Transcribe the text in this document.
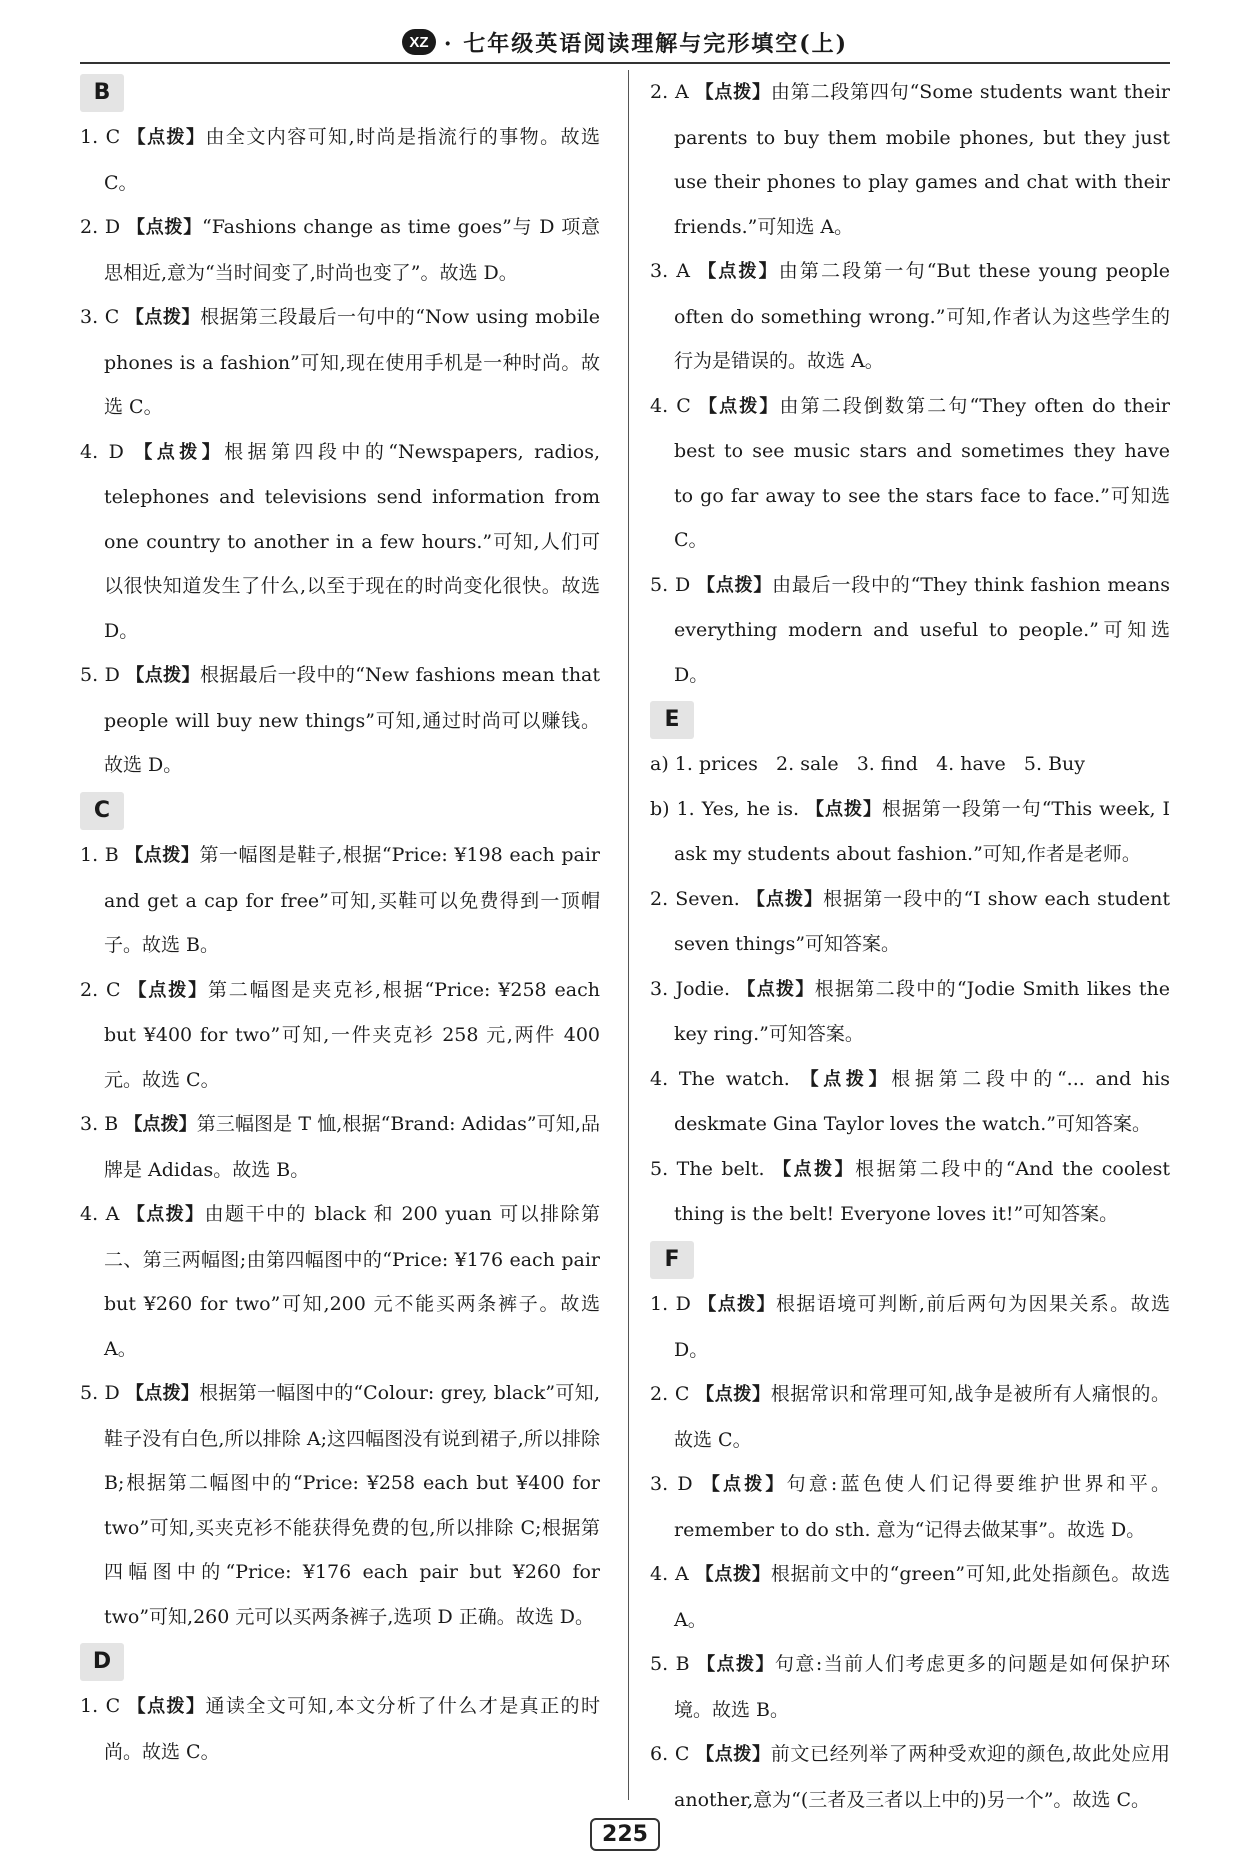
XZ · 七年级英语阅读理解与完形填空(上)
B

1. C 【点拨】由全文内容可知,时尚是指流行的事物。故选 C。

2. D 【点拨】“Fashions change as time goes”与 D 项意思相近,意为“当时间变了,时尚也变了”。故选 D。

3. C 【点拨】根据第三段最后一句中的“Now using mobile phones is a fashion”可知,现在使用手机是一种时尚。故选 C。

4. D 【点拨】根据第四段中的“Newspapers, radios, telephones and televisions send information from one country to another in a few hours.”可知,人们可以很快知道发生了什么,以至于现在的时尚变化很快。故选 D。

5. D 【点拨】根据最后一段中的“New fashions mean that people will buy new things”可知,通过时尚可以赚钱。故选 D。

C

1. B 【点拨】第一幅图是鞋子,根据“Price: ¥198 each pair and get a cap for free”可知,买鞋可以免费得到一顶帽子。故选 B。

2. C 【点拨】第二幅图是夹克衫,根据“Price: ¥258 each but ¥400 for two”可知,一件夹克衫 258 元,两件 400 元。故选 C。

3. B 【点拨】第三幅图是 T 恤,根据“Brand: Adidas”可知,品牌是 Adidas。故选 B。

4. A 【点拨】由题干中的 black 和 200 yuan 可以排除第二、第三两幅图;由第四幅图中的“Price: ¥176 each pair but ¥260 for two”可知,200 元不能买两条裤子。故选 A。

5. D 【点拨】根据第一幅图中的“Colour: grey, black”可知,鞋子没有白色,所以排除 A;这四幅图没有说到裙子,所以排除 B;根据第二幅图中的“Price: ¥258 each but ¥400 for two”可知,买夹克衫不能获得免费的包,所以排除 C;根据第四幅图中的“Price: ¥176 each pair but ¥260 for two”可知,260 元可以买两条裤子,选项 D 正确。故选 D。

D

1. C 【点拨】通读全文可知,本文分析了什么才是真正的时尚。故选 C。

2. A 【点拨】由第二段第四句“Some students want their parents to buy them mobile phones, but they just use their phones to play games and chat with their friends.”可知选 A。

3. A 【点拨】由第二段第一句“But these young people often do something wrong.”可知,作者认为这些学生的行为是错误的。故选 A。

4. C 【点拨】由第二段倒数第二句“They often do their best to see music stars and sometimes they have to go far away to see the stars face to face.”可知选 C。

5. D 【点拨】由最后一段中的“They think fashion means everything modern and useful to people.”可知选 D。

E

a) 1. prices   2. sale   3. find   4. have   5. Buy

b) 1. Yes, he is. 【点拨】根据第一段第一句“This week, I ask my students about fashion.”可知,作者是老师。

2. Seven. 【点拨】根据第一段中的“I show each student seven things”可知答案。

3. Jodie. 【点拨】根据第二段中的“Jodie Smith likes the key ring.”可知答案。

4. The watch. 【点拨】根据第二段中的“... and his deskmate Gina Taylor loves the watch.”可知答案。

5. The belt. 【点拨】根据第二段中的“And the coolest thing is the belt! Everyone loves it!”可知答案。

F

1. D 【点拨】根据语境可判断,前后两句为因果关系。故选 D。

2. C 【点拨】根据常识和常理可知,战争是被所有人痛恨的。故选 C。

3. D 【点拨】句意:蓝色使人们记得要维护世界和平。remember to do sth. 意为“记得去做某事”。故选 D。

4. A 【点拨】根据前文中的“green”可知,此处指颜色。故选 A。

5. B 【点拨】句意:当前人们考虑更多的问题是如何保护环境。故选 B。

6. C 【点拨】前文已经列举了两种受欢迎的颜色,故此处应用 another,意为“(三者及三者以上中的)另一个”。故选 C。

225
